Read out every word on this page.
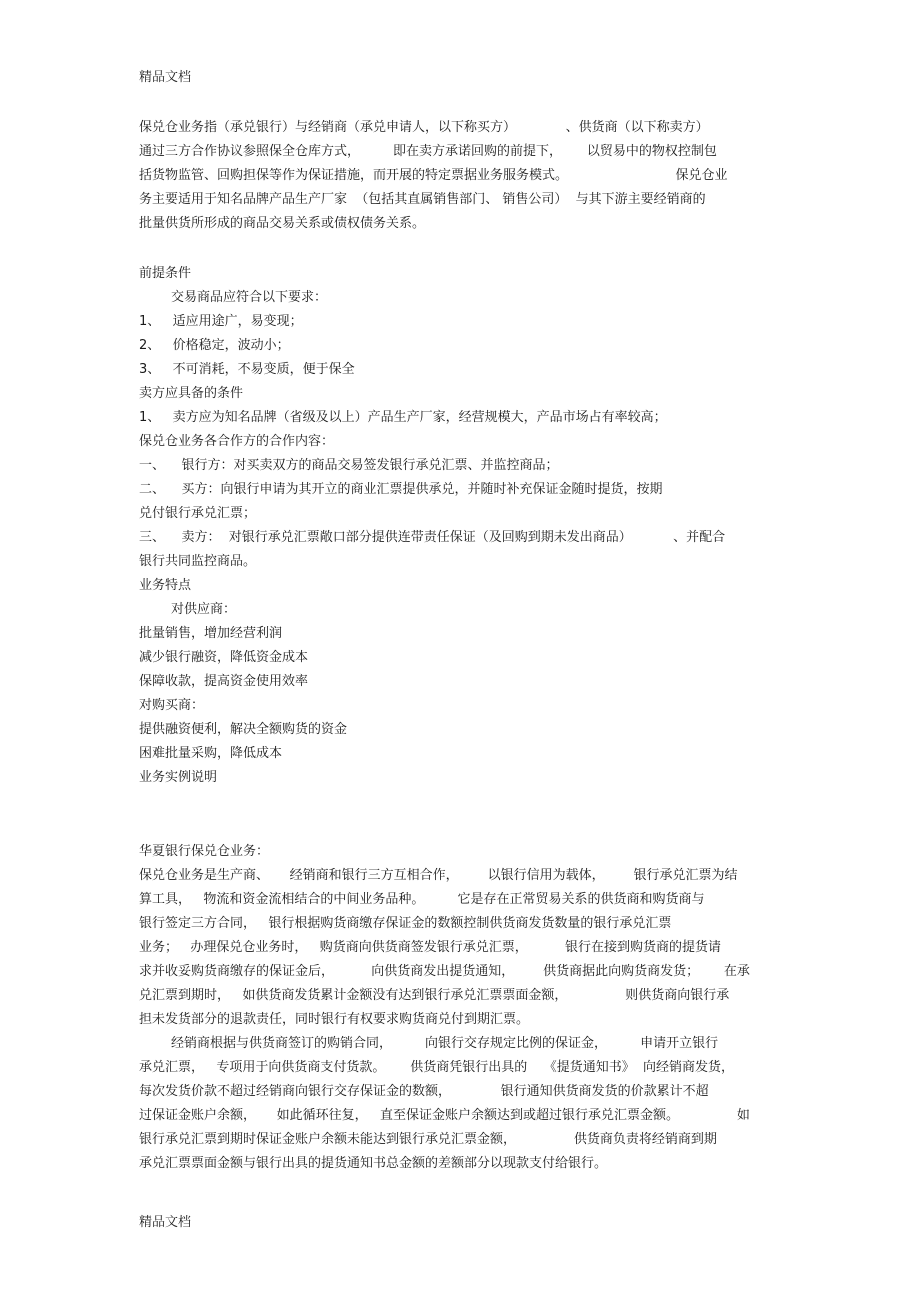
精品文档
保兑仓业务指（承兑银行）与经销商（承兑申请人，以下称买方）            、供货商（以下称卖方）
通过三方合作协议参照保全仓库方式，        即在卖方承诺回购的前提下，      以贸易中的物权控制包
括货物监管、回购担保等作为保证措施，而开展的特定票据业务服务模式。                          保兑仓业
务主要适用于知名品牌产品生产厂家  （包括其直属销售部门、 销售公司）  与其下游主要经销商的
批量供货所形成的商品交易关系或债权债务关系。
前提条件
交易商品应符合以下要求：
1、   适应用途广，易变现；
2、   价格稳定，波动小；
3、   不可消耗，不易变质，便于保全
卖方应具备的条件
1、   卖方应为知名品牌（省级及以上）产品生产厂家，经营规模大，产品市场占有率较高；
保兑仓业务各合作方的合作内容：
一、    银行方：对买卖双方的商品交易签发银行承兑汇票、并监控商品；
二、    买方：向银行申请为其开立的商业汇票提供承兑，并随时补充保证金随时提货，按期
兑付银行承兑汇票；
三、    卖方：  对银行承兑汇票敞口部分提供连带责任保证（及回购到期未发出商品）          、并配合
银行共同监控商品。
业务特点
对供应商：
批量销售，增加经营利润
减少银行融资，降低资金成本
保障收款，提高资金使用效率
对购买商：
提供融资便利，解决全额购货的资金
困难批量采购，降低成本
业务实例说明
华夏银行保兑仓业务：
保兑仓业务是生产商、     经销商和银行三方互相合作，       以银行信用为载体，       银行承兑汇票为结
算工具，   物流和资金流相结合的中间业务品种。        它是存在正常贸易关系的供货商和购货商与
银行签定三方合同，   银行根据购货商缴存保证金的数额控制供货商发货数量的银行承兑汇票
业务；   办理保兑仓业务时，   购货商向供货商签发银行承兑汇票，         银行在接到购货商的提货请
求并收妥购货商缴存的保证金后，         向供货商发出提货通知，       供货商据此向购货商发货；      在承
兑汇票到期时，   如供货商发货累计金额没有达到银行承兑汇票票面金额，              则供货商向银行承
担未发货部分的退款责任，同时银行有权要求购货商兑付到期汇票。
经销商根据与供货商签订的购销合同，        向银行交存规定比例的保证金，        申请开立银行
承兑汇票，   专项用于向供货商支付货款。      供货商凭银行出具的    《提货通知书》  向经销商发货，
每次发货价款不超过经销商向银行交存保证金的数额，            银行通知供货商发货的价款累计不超
过保证金账户余额，     如此循环往复，   直至保证金账户余额达到或超过银行承兑汇票金额。              如
银行承兑汇票到期时保证金账户余额未能达到银行承兑汇票金额，              供货商负责将经销商到期
承兑汇票票面金额与银行出具的提货通知书总金额的差额部分以现款支付给银行。
精品文档
